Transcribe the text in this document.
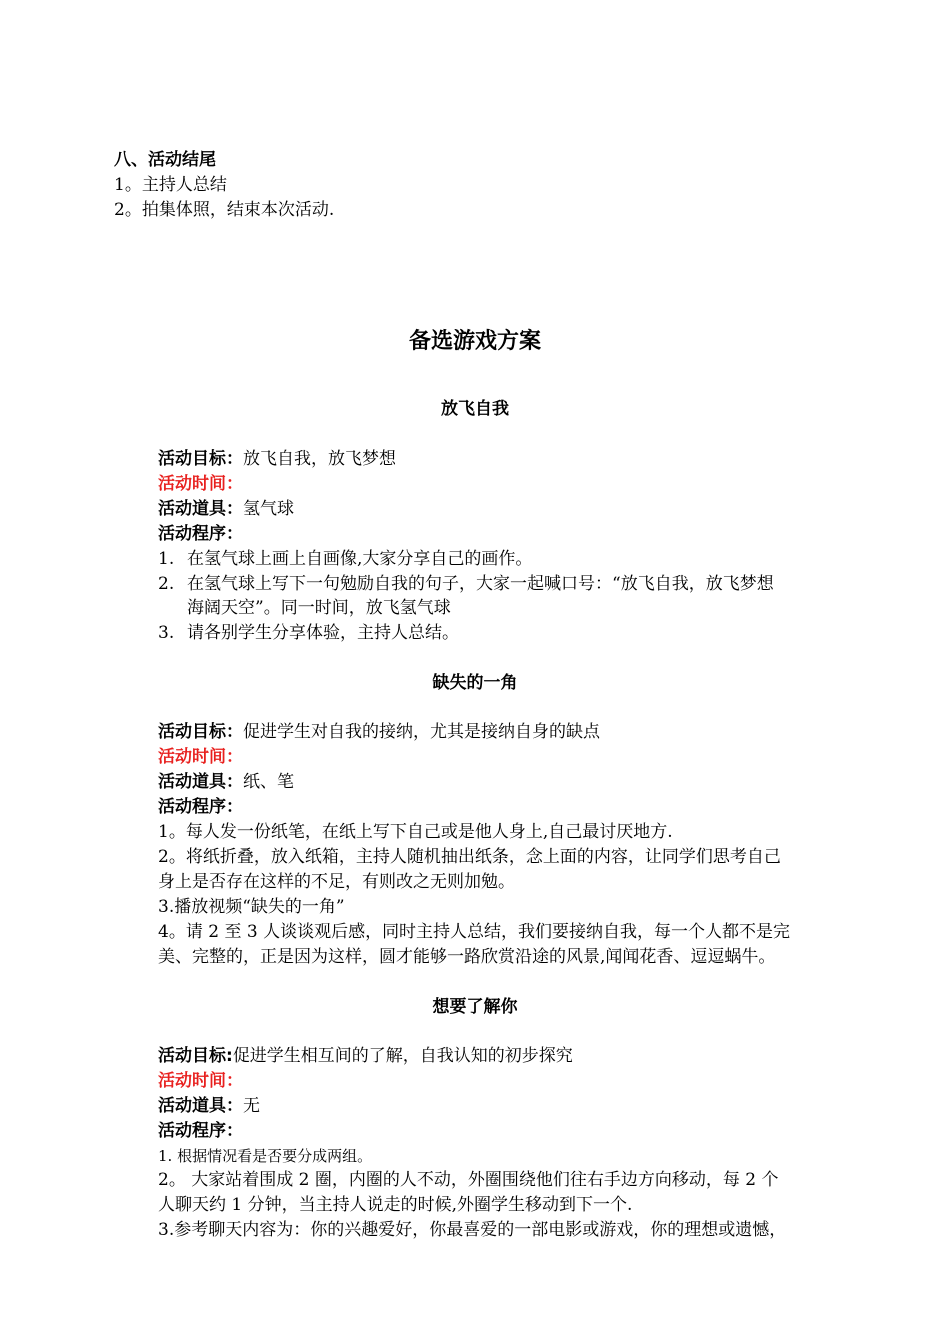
八、活动结尾
1。主持人总结
2。拍集体照，结束本次活动.
备选游戏方案
放飞自我
活动目标：放飞自我，放飞梦想
活动时间：
活动道具：氢气球
活动程序：
1. 在氢气球上画上自画像,大家分享自己的画作。
2. 在氢气球上写下一句勉励自我的句子，大家一起喊口号：“放飞自我，放飞梦想
海阔天空”。同一时间，放飞氢气球
3. 请各别学生分享体验，主持人总结。
缺失的一角
活动目标：促进学生对自我的接纳，尤其是接纳自身的缺点
活动时间：
活动道具：纸、笔
活动程序：
1。每人发一份纸笔，在纸上写下自己或是他人身上,自己最讨厌地方.
2。将纸折叠，放入纸箱，主持人随机抽出纸条，念上面的内容，让同学们思考自己
身上是否存在这样的不足，有则改之无则加勉。
3.播放视频“缺失的一角”
4。请 2 至 3 人谈谈观后感，同时主持人总结，我们要接纳自我，每一个人都不是完
美、完整的，正是因为这样，圆才能够一路欣赏沿途的风景,闻闻花香、逗逗蜗牛。
想要了解你
活动目标:促进学生相互间的了解，自我认知的初步探究
活动时间：
活动道具：无
活动程序：
1. 根据情况看是否要分成两组。
2。 大家站着围成 2 圈，内圈的人不动，外圈围绕他们往右手边方向移动，每 2 个
人聊天约 1 分钟，当主持人说走的时候,外圈学生移动到下一个.
3.参考聊天内容为：你的兴趣爱好，你最喜爱的一部电影或游戏，你的理想或遗憾，
